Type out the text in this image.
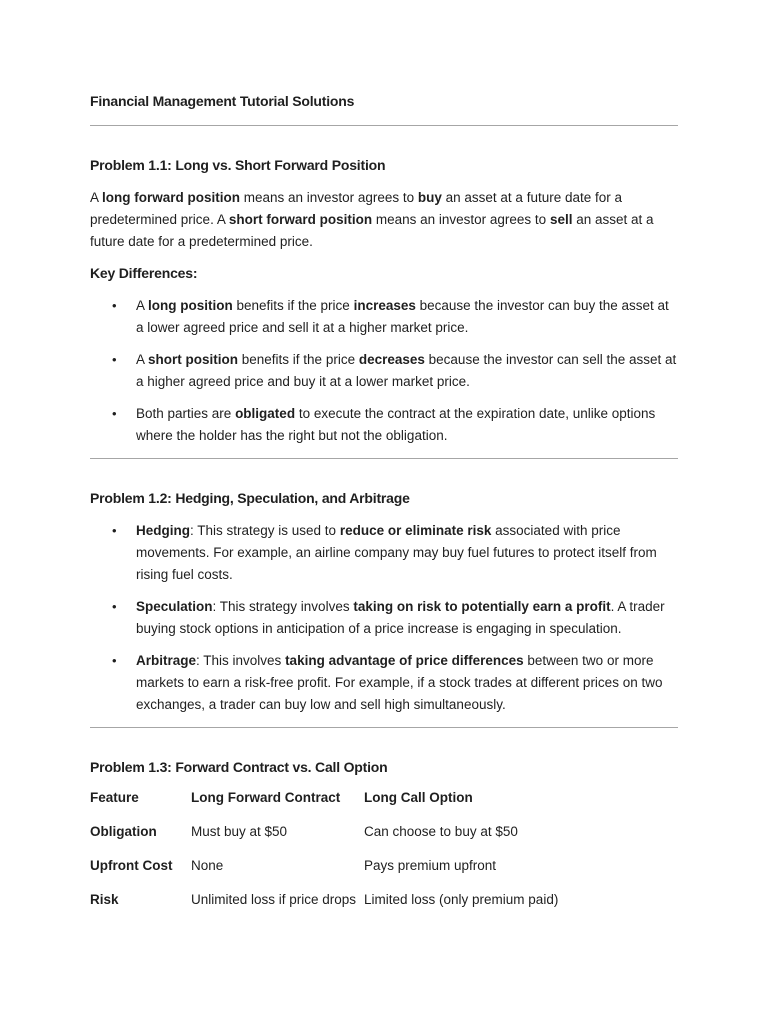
Financial Management Tutorial Solutions
Problem 1.1: Long vs. Short Forward Position
A long forward position means an investor agrees to buy an asset at a future date for a predetermined price. A short forward position means an investor agrees to sell an asset at a future date for a predetermined price.
Key Differences:
• A long position benefits if the price increases because the investor can buy the asset at a lower agreed price and sell it at a higher market price.
• A short position benefits if the price decreases because the investor can sell the asset at a higher agreed price and buy it at a lower market price.
• Both parties are obligated to execute the contract at the expiration date, unlike options where the holder has the right but not the obligation.
Problem 1.2: Hedging, Speculation, and Arbitrage
• Hedging: This strategy is used to reduce or eliminate risk associated with price movements. For example, an airline company may buy fuel futures to protect itself from rising fuel costs.
• Speculation: This strategy involves taking on risk to potentially earn a profit. A trader buying stock options in anticipation of a price increase is engaging in speculation.
• Arbitrage: This involves taking advantage of price differences between two or more markets to earn a risk-free profit. For example, if a stock trades at different prices on two exchanges, a trader can buy low and sell high simultaneously.
Problem 1.3: Forward Contract vs. Call Option
Feature	Long Forward Contract	Long Call Option
Obligation	Must buy at $50	Can choose to buy at $50
Upfront Cost	None	Pays premium upfront
Risk	Unlimited loss if price drops	Limited loss (only premium paid)
